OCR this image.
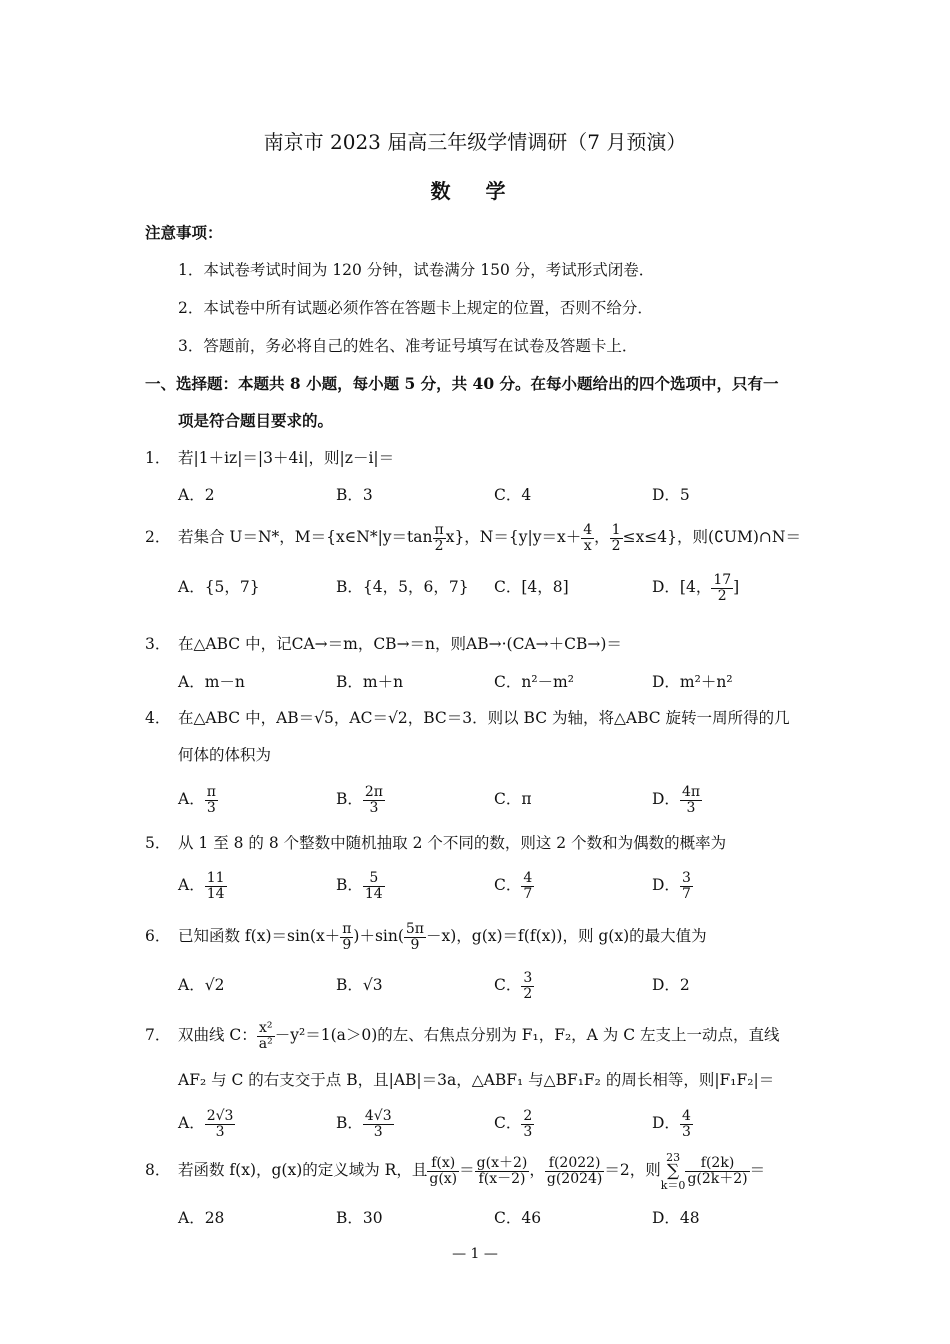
南京市 2023 届高三年级学情调研（7 月预演）
数 学
注意事项：
1．本试卷考试时间为 120 分钟，试卷满分 150 分，考试形式闭卷．
2．本试卷中所有试题必须作答在答题卡上规定的位置，否则不给分．
3．答题前，务必将自己的姓名、准考证号填写在试卷及答题卡上．
一、选择题：本题共 8 小题，每小题 5 分，共 40 分。在每小题给出的四个选项中，只有一
项是符合题目要求的。
1． 若|1＋iz|＝|3＋4i|，则|z－i|＝
A．2	B．3	C．4	D．5
2． 若集合 U＝N*，M＝{x∈N*|y＝tan $\frac{\pi}{2} x$}，$N=\{y|y=x+ \frac{4}{x}$ ， $\frac{1}{2} \le x\le 4$}，则(∁UM)∩N＝
A．{5，7}	B．{4，5，6，7} C．[4，8]	D．[4， $\frac{17}{2}$ ]
3． 在△ABC 中，记CA→＝m，CB→＝n，则AB→·(CA→＋CB→)＝
A．m－n	B．m＋n	C．n²－m²	D．m²＋n²
4． 在△ABC 中，AB＝√5，AC＝√2，BC＝3．则以 BC 为轴，将△ABC 旋转一周所得的几
何体的体积为
A． $\frac{\pi}{3}$	B． $\frac{2\pi}{3}$	C．π	D． $\frac{4\pi}{3}$
5． 从 1 至 8 的 8 个整数中随机抽取 2 个不同的数，则这 2 个数和为偶数的概率为
A． $\frac{11}{14}$	B． $\frac{5}{14}$	C． $\frac{4}{7}$	D． $\frac{3}{7}$
6． 已知函数 $f(x)=\sin(x+ \frac{\pi}{9} )+\sin( \frac{5\pi}{9} -x)$，g(x)＝f(f(x))，则 g(x)的最大值为
A．√2	B．√3	C． $\frac{3}{2}$	D．2
7． 双曲线 C： $\frac{\text{x²}}{\text{a²}} -y^2=1(a>0)$的左、右焦点分别为 F₁，F₂，A 为 C 左支上一动点，直线
AF₂ 与 C 的右支交于点 B，且|AB|＝3a，△ABF₁ 与△BF₁F₂ 的周长相等，则|F₁F₂|＝
A． $\frac{2√3}{3}$	B． $\frac{4√3}{3}$	C． $\frac{2}{3}$	D． $\frac{4}{3}$
8． 若函数 f(x)，g(x)的定义域为 R，且 $\frac{f(x)}{g(x)} = \frac{g(x+2)}{f(x-2)}$ ， $\frac{f(2022)}{g(2024)} =2$，则
23
∑
$k=0 \frac{f(2k)}{g(2k+2)}$ ＝
A．28	B．30	C．46	D．48
— 1 —
